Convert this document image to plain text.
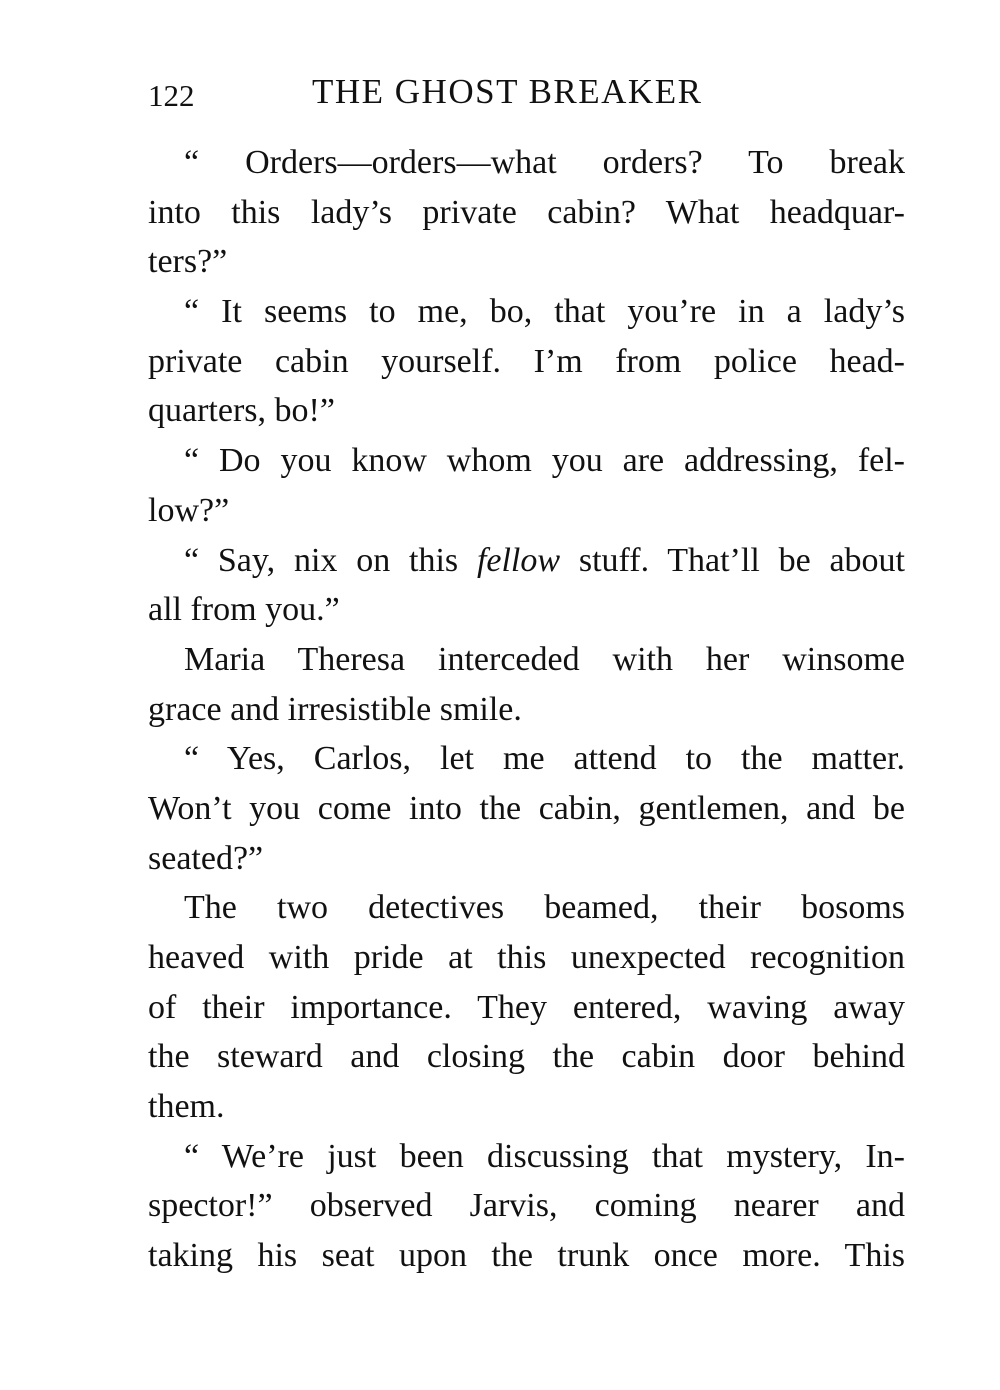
122	THE GHOST BREAKER
“ Orders—orders—what orders? To break
into this lady’s private cabin? What headquar-
ters?”
“ It seems to me, bo, that you’re in a lady’s
private cabin yourself. I’m from police head-
quarters, bo!”
“ Do you know whom you are addressing, fel-
low?”
“ Say, nix on this fellow stuff. That’ll be about
all from you.”
Maria Theresa interceded with her winsome
grace and irresistible smile.
“ Yes, Carlos, let me attend to the matter.
Won’t you come into the cabin, gentlemen, and be
seated?”
The two detectives beamed, their bosoms
heaved with pride at this unexpected recognition
of their importance. They entered, waving away
the steward and closing the cabin door behind
them.
“ We’re just been discussing that mystery, In-
spector!” observed Jarvis, coming nearer and
taking his seat upon the trunk once more. This
